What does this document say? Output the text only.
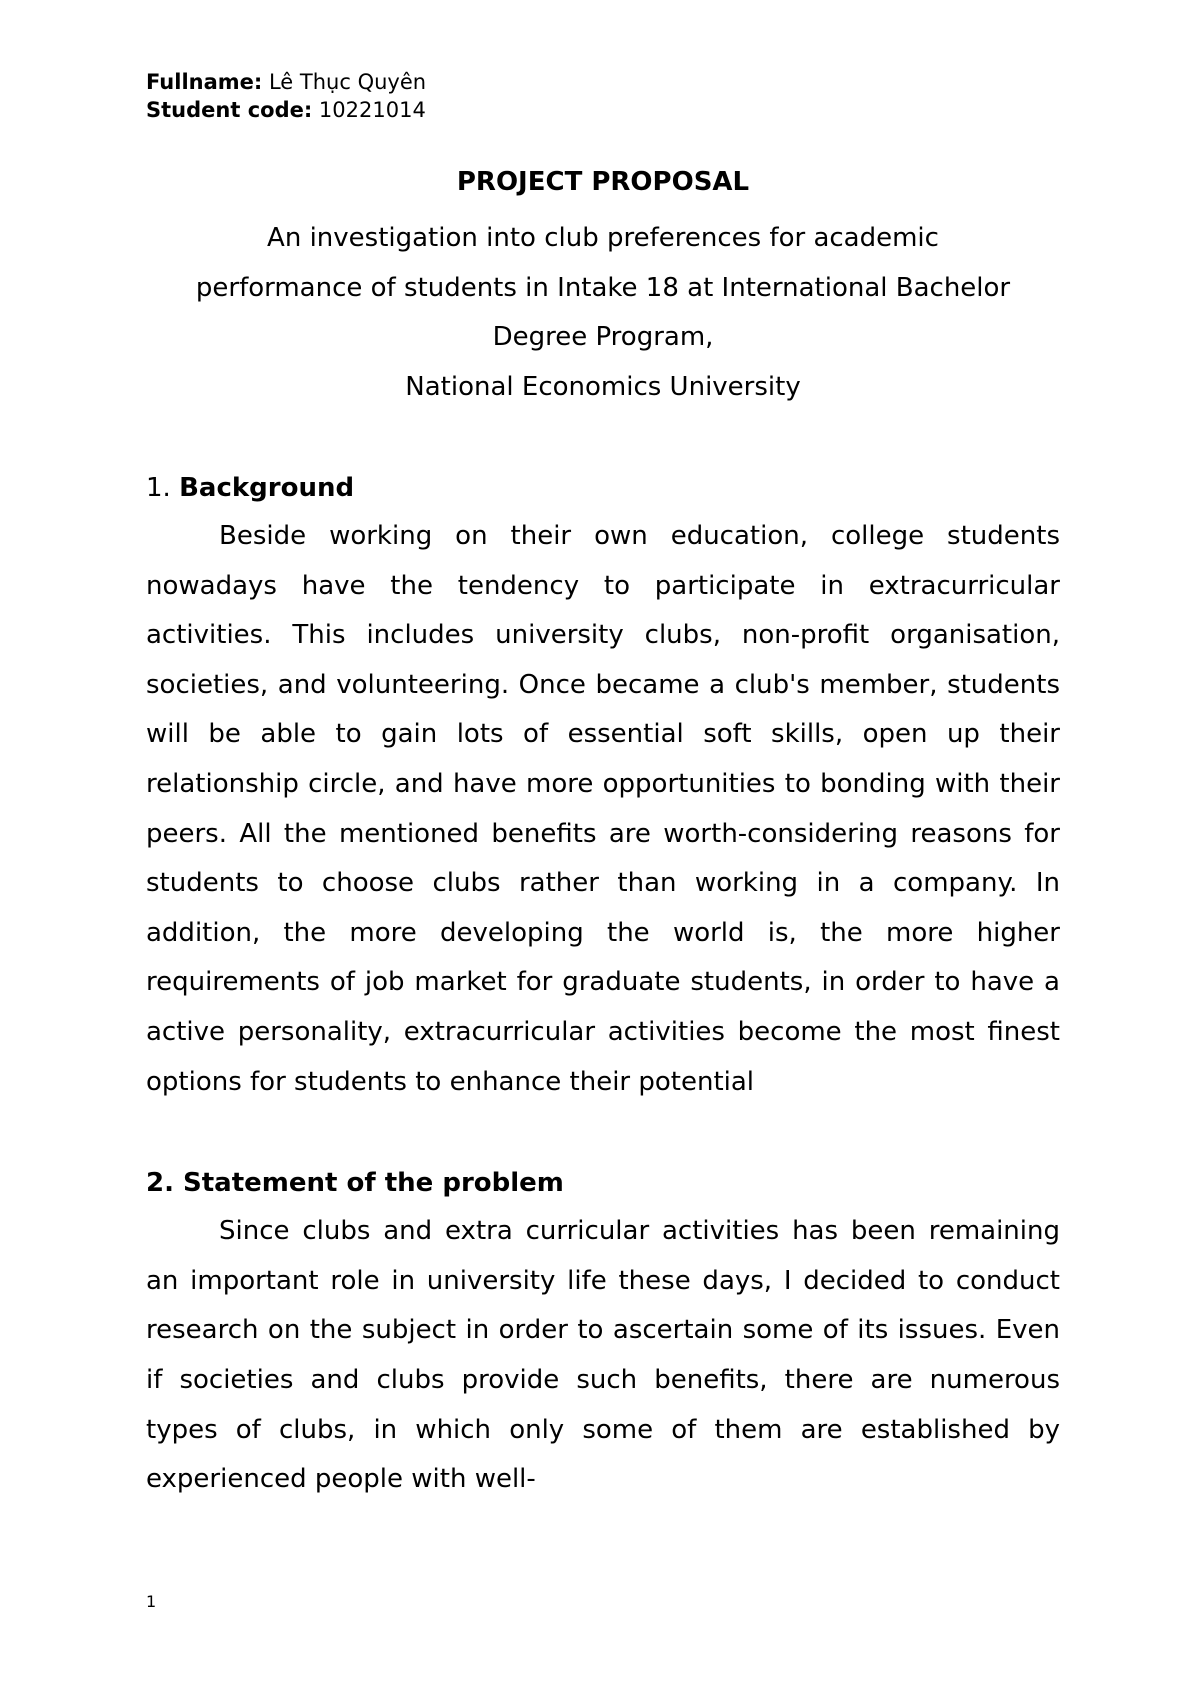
Fullname: Lê Thục Quyên

Student code: 10221014

PROJECT PROPOSAL

An investigation into club preferences for academic

performance of students in Intake 18 at International Bachelor

Degree Program,

National Economics University

1. Background

Beside working on their own education, college students nowadays have the tendency to participate in extracurricular activities. This includes university clubs, non-profit organisation, societies, and volunteering. Once became a club's member, students will be able to gain lots of essential soft skills, open up their relationship circle, and have more opportunities to bonding with their peers. All the mentioned benefits are worth-considering reasons for students to choose clubs rather than working in a company. In addition, the more developing the world is, the more higher requirements of job market for graduate students, in order to have a active personality, extracurricular activities become the most finest options for students to enhance their potential

2. Statement of the problem

Since clubs and extra curricular activities has been remaining an important role in university life these days, I decided to conduct research on the subject in order to ascertain some of its issues. Even if societies and clubs provide such benefits, there are numerous types of clubs, in which only some of them are established by experienced people with well-

1
